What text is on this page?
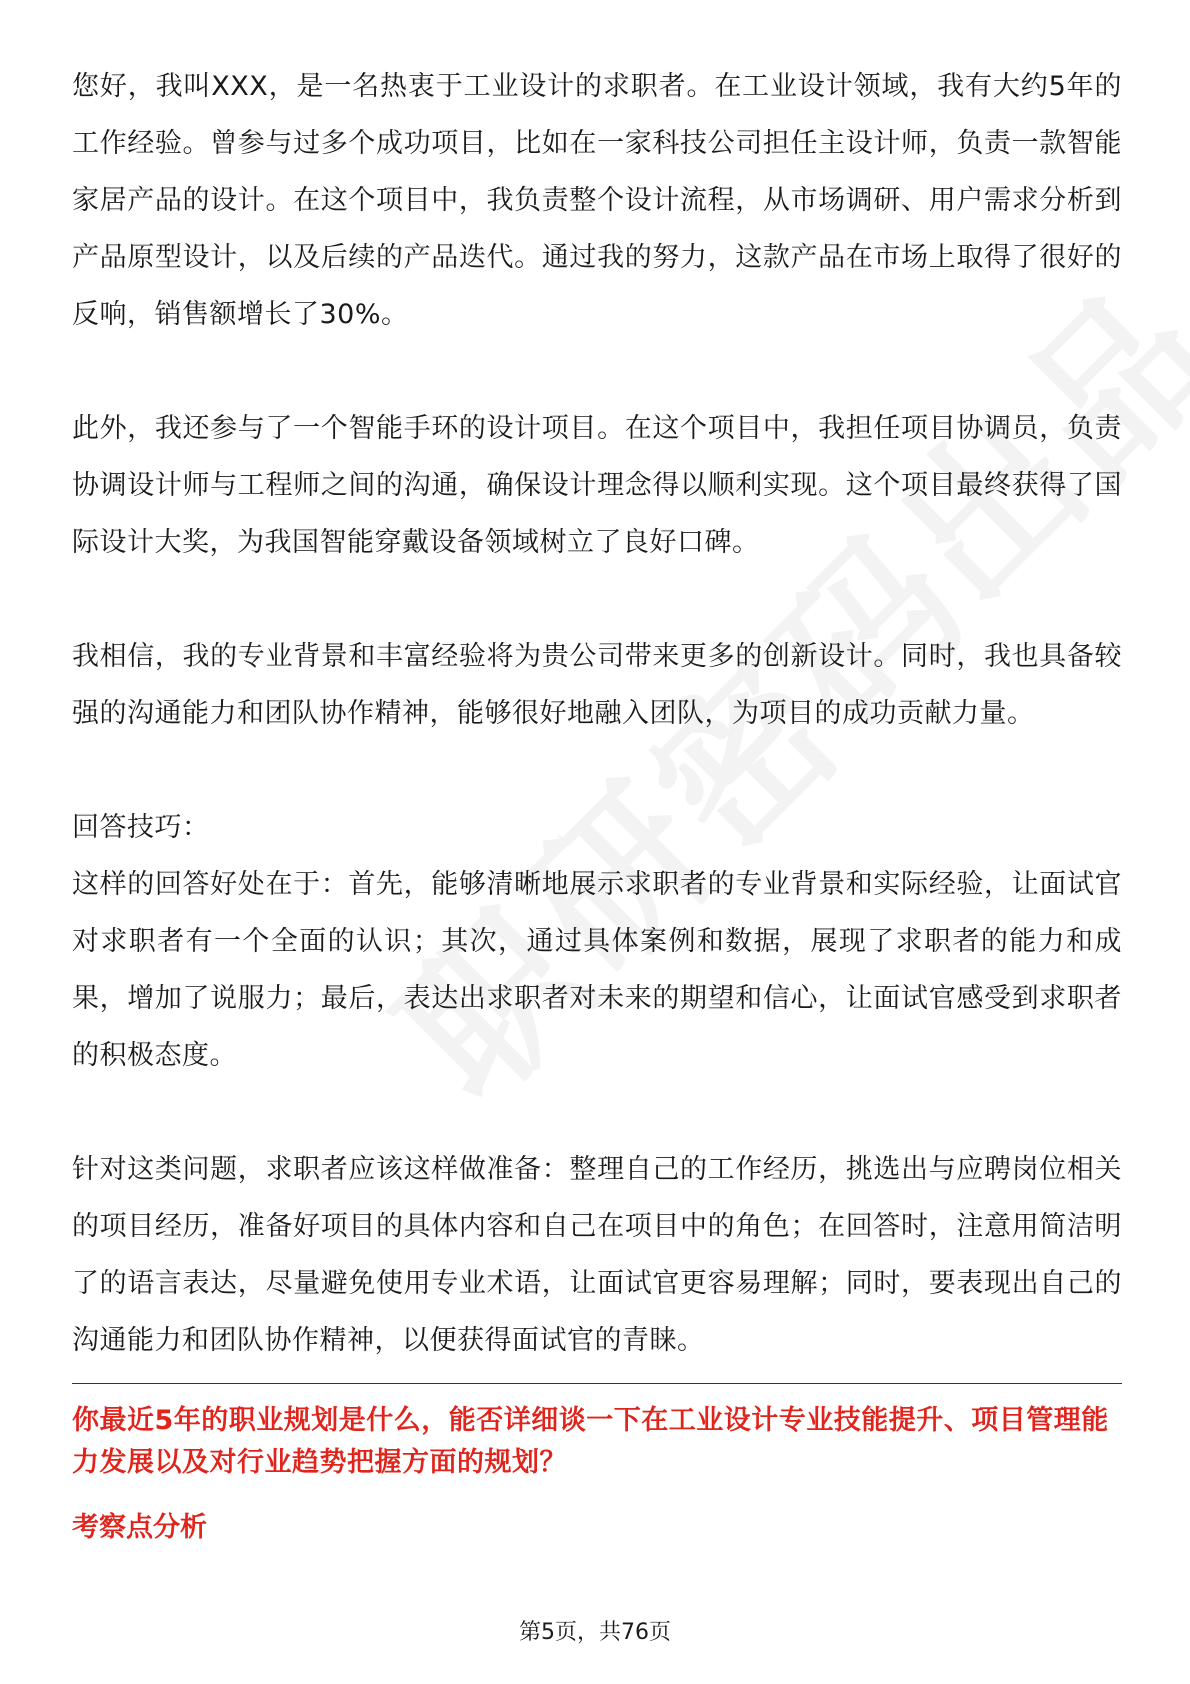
您好，我叫XXX，是一名热衷于工业设计的求职者。在工业设计领域，我有大约5年的工作经验。曾参与过多个成功项目，比如在一家科技公司担任主设计师，负责一款智能家居产品的设计。在这个项目中，我负责整个设计流程，从市场调研、用户需求分析到产品原型设计，以及后续的产品迭代。通过我的努力，这款产品在市场上取得了很好的反响，销售额增长了30%。

此外，我还参与了一个智能手环的设计项目。在这个项目中，我担任项目协调员，负责协调设计师与工程师之间的沟通，确保设计理念得以顺利实现。这个项目最终获得了国际设计大奖，为我国智能穿戴设备领域树立了良好口碑。

我相信，我的专业背景和丰富经验将为贵公司带来更多的创新设计。同时，我也具备较强的沟通能力和团队协作精神，能够很好地融入团队，为项目的成功贡献力量。

回答技巧：

这样的回答好处在于：首先，能够清晰地展示求职者的专业背景和实际经验，让面试官对求职者有一个全面的认识；其次，通过具体案例和数据，展现了求职者的能力和成果，增加了说服力；最后，表达出求职者对未来的期望和信心，让面试官感受到求职者的积极态度。

针对这类问题，求职者应该这样做准备：整理自己的工作经历，挑选出与应聘岗位相关的项目经历，准备好项目的具体内容和自己在项目中的角色；在回答时，注意用简洁明了的语言表达，尽量避免使用专业术语，让面试官更容易理解；同时，要表现出自己的沟通能力和团队协作精神，以便获得面试官的青睐。

你最近5年的职业规划是什么，能否详细谈一下在工业设计专业技能提升、项目管理能力发展以及对行业趋势把握方面的规划？

考察点分析

第5页，共76页
